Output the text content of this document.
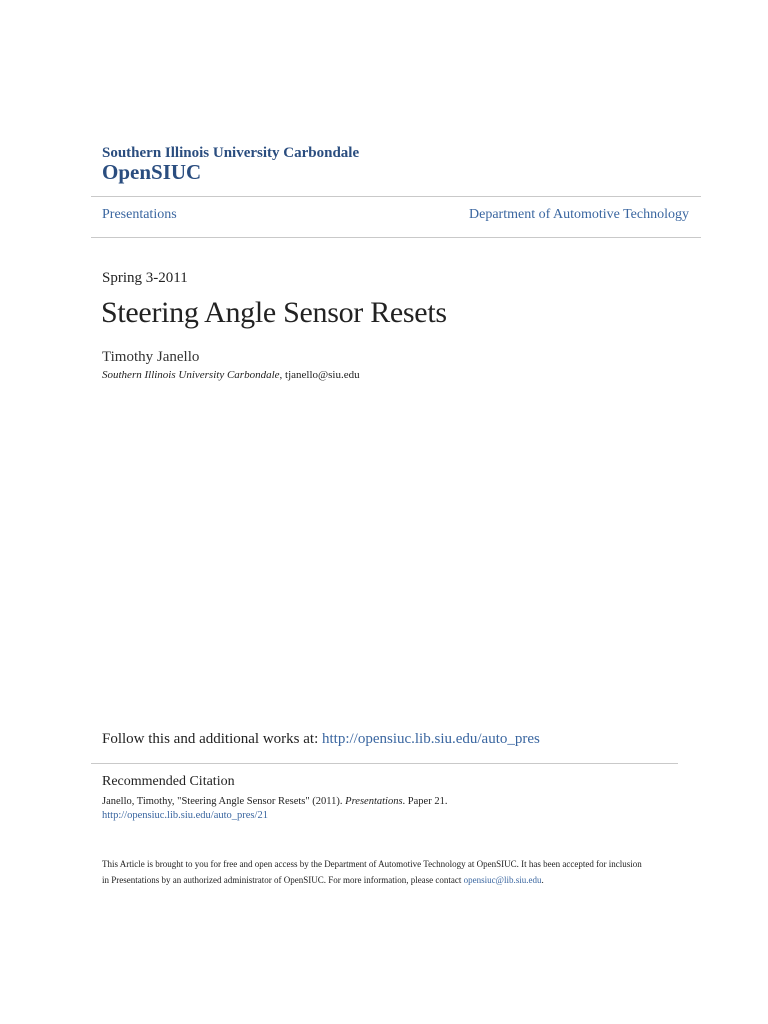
Southern Illinois University Carbondale
OpenSIUC
Presentations	Department of Automotive Technology
Spring 3-2011
Steering Angle Sensor Resets
Timothy Janello
Southern Illinois University Carbondale, tjanello@siu.edu
Follow this and additional works at: http://opensiuc.lib.siu.edu/auto_pres
Recommended Citation
Janello, Timothy, "Steering Angle Sensor Resets" (2011). Presentations. Paper 21.
http://opensiuc.lib.siu.edu/auto_pres/21
This Article is brought to you for free and open access by the Department of Automotive Technology at OpenSIUC. It has been accepted for inclusion
in Presentations by an authorized administrator of OpenSIUC. For more information, please contact opensiuc@lib.siu.edu.
